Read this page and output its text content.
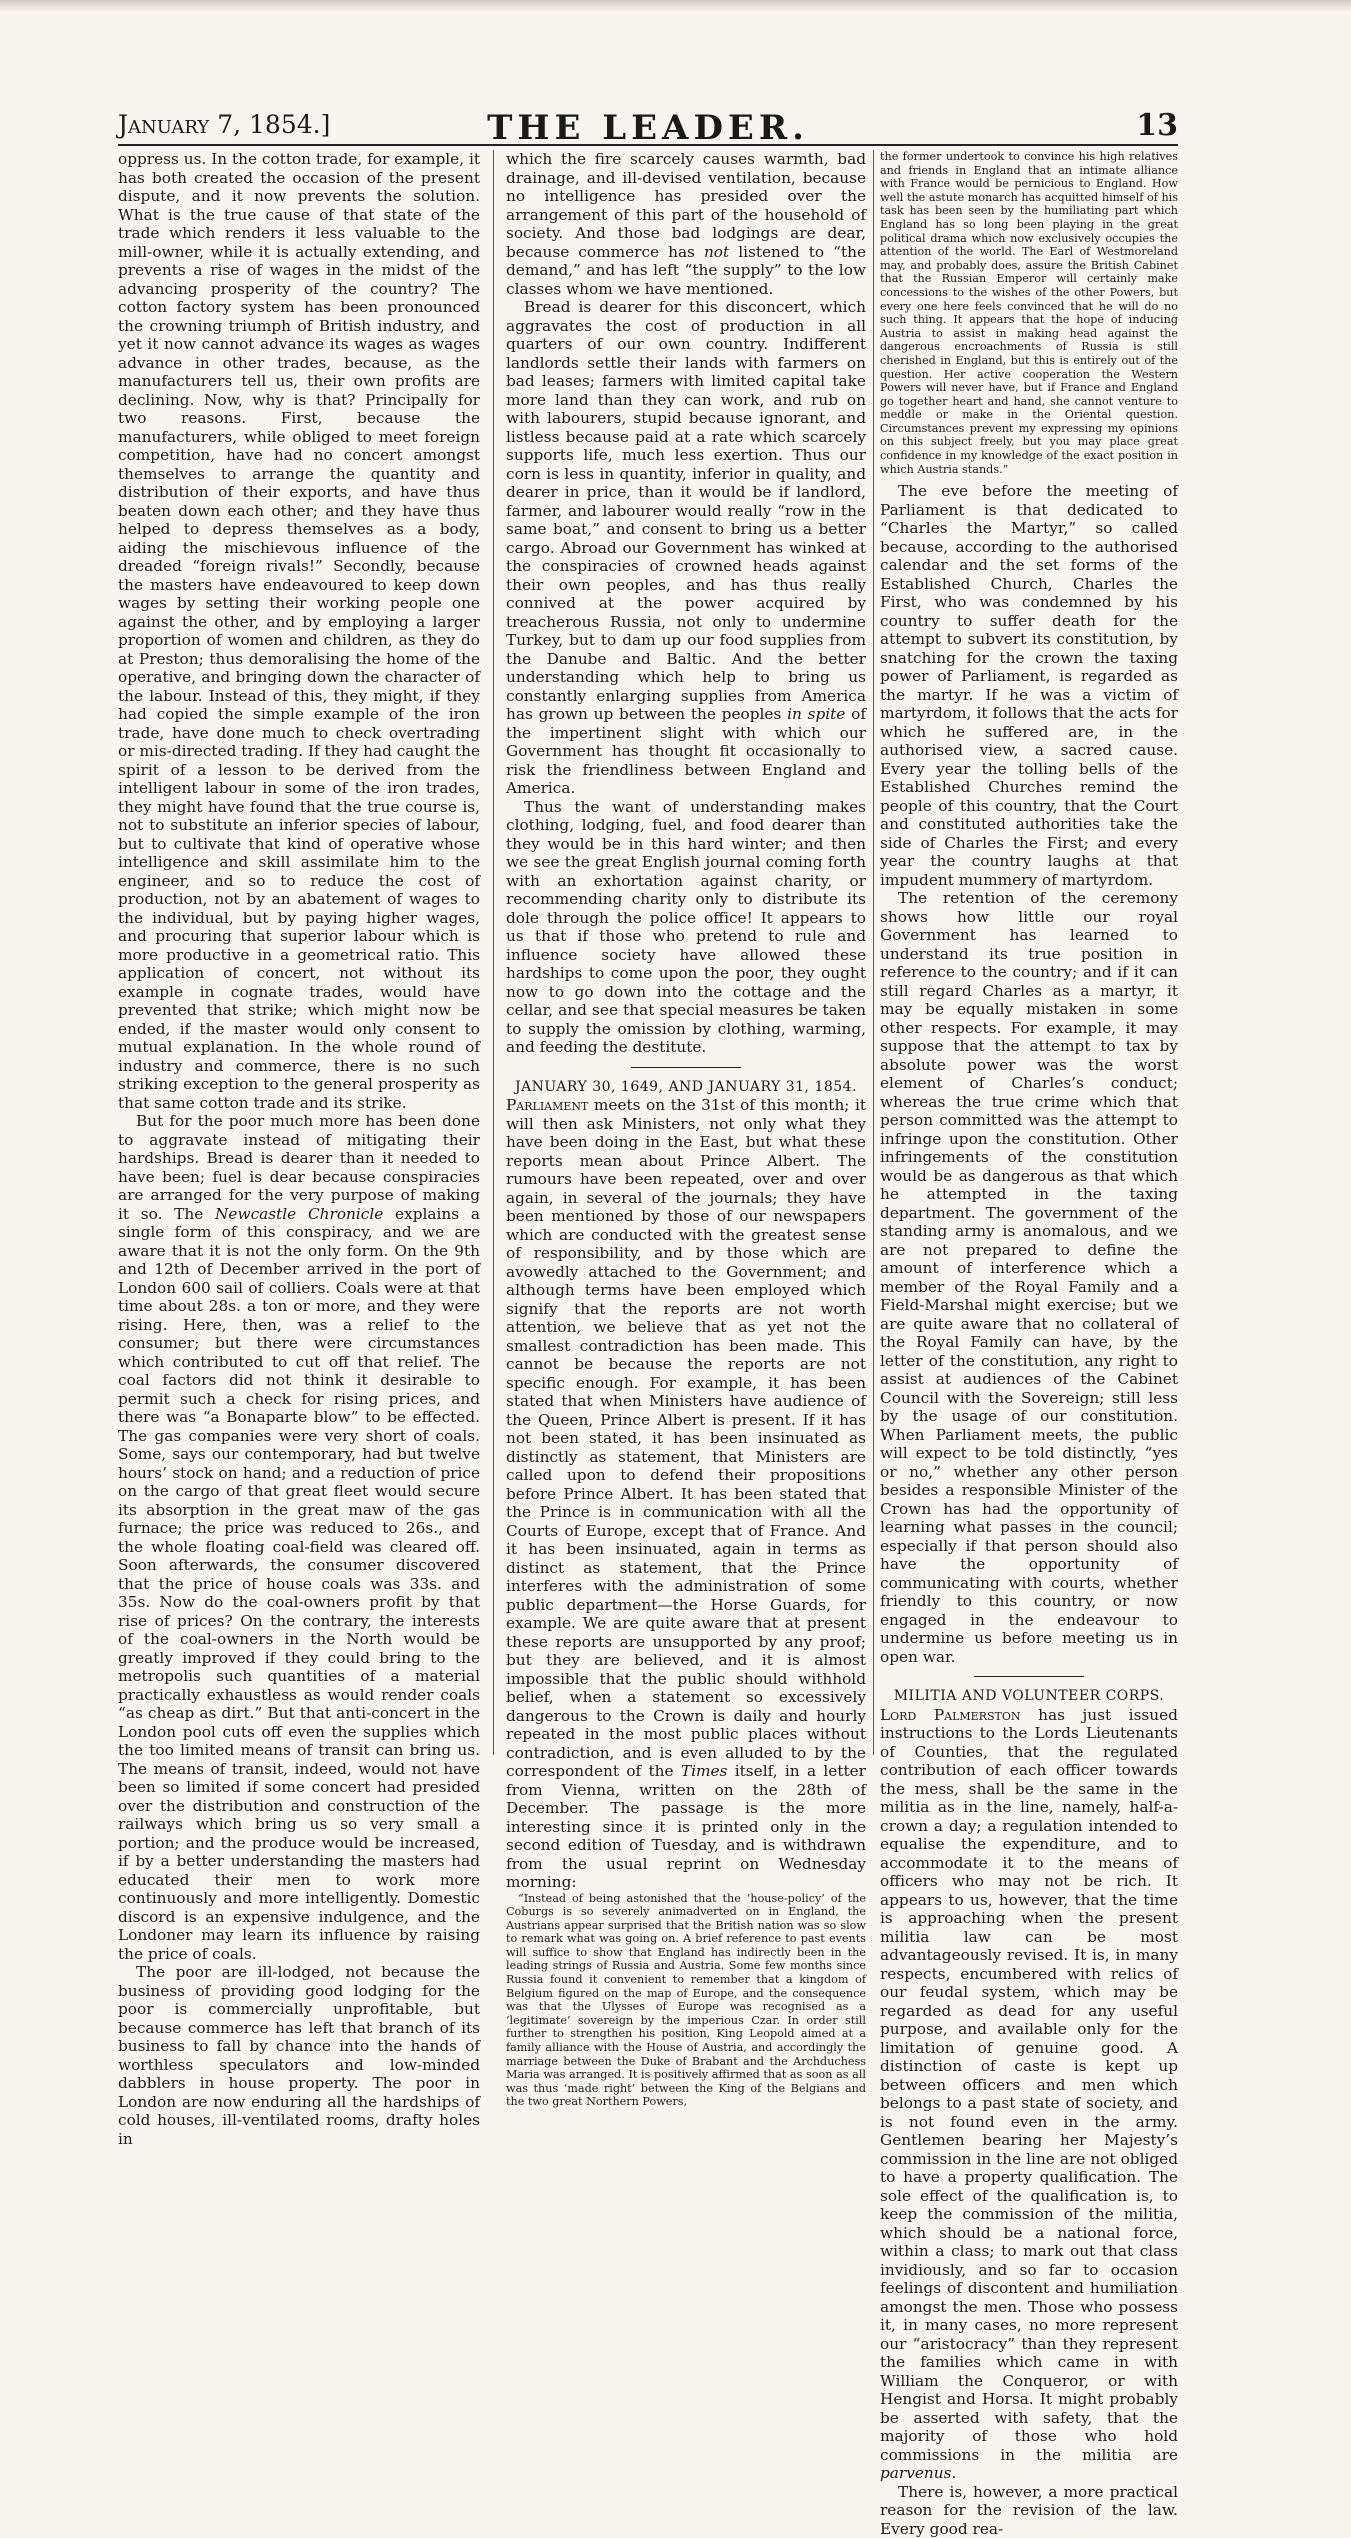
January 7, 1854.]	THE LEADER.	13

oppress us. In the cotton trade, for example, it has both created the occasion of the present dispute, and it now prevents the solution. What is the true cause of that state of the trade which renders it less valuable to the mill-owner, while it is actually extending, and prevents a rise of wages in the midst of the advancing prosperity of the country? The cotton factory system has been pronounced the crowning triumph of British industry, and yet it now cannot advance its wages as wages advance in other trades, because, as the manufacturers tell us, their own profits are declining. Now, why is that? Principally for two reasons. First, because the manufacturers, while obliged to meet foreign competition, have had no concert amongst themselves to arrange the quantity and distribution of their exports, and have thus beaten down each other; and they have thus helped to depress themselves as a body, aiding the mischievous influence of the dreaded “foreign rivals!” Secondly, because the masters have endeavoured to keep down wages by setting their working people one against the other, and by employing a larger proportion of women and children, as they do at Preston; thus demoralising the home of the operative, and bringing down the character of the labour. Instead of this, they might, if they had copied the simple example of the iron trade, have done much to check overtrading or mis-directed trading. If they had caught the spirit of a lesson to be derived from the intelligent labour in some of the iron trades, they might have found that the true course is, not to substitute an inferior species of labour, but to cultivate that kind of operative whose intelligence and skill assimilate him to the engineer, and so to reduce the cost of production, not by an abatement of wages to the individual, but by paying higher wages, and procuring that superior labour which is more productive in a geometrical ratio. This application of concert, not without its example in cognate trades, would have prevented that strike; which might now be ended, if the master would only consent to mutual explanation. In the whole round of industry and commerce, there is no such striking exception to the general prosperity as that same cotton trade and its strike.

But for the poor much more has been done to aggravate instead of mitigating their hardships. Bread is dearer than it needed to have been; fuel is dear because conspiracies are arranged for the very purpose of making it so. The Newcastle Chronicle explains a single form of this conspiracy, and we are aware that it is not the only form. On the 9th and 12th of December arrived in the port of London 600 sail of colliers. Coals were at that time about 28s. a ton or more, and they were rising. Here, then, was a relief to the consumer; but there were circumstances which contributed to cut off that relief. The coal factors did not think it desirable to permit such a check for rising prices, and there was “a Bonaparte blow” to be effected. The gas companies were very short of coals. Some, says our contemporary, had but twelve hours’ stock on hand; and a reduction of price on the cargo of that great fleet would secure its absorption in the great maw of the gas furnace; the price was reduced to 26s., and the whole floating coal-field was cleared off. Soon afterwards, the consumer discovered that the price of house coals was 33s. and 35s. Now do the coal-owners profit by that rise of prices? On the contrary, the interests of the coal-owners in the North would be greatly improved if they could bring to the metropolis such quantities of a material practically exhaustless as would render coals “as cheap as dirt.” But that anti-concert in the London pool cuts off even the supplies which the too limited means of transit can bring us. The means of transit, indeed, would not have been so limited if some concert had presided over the distribution and construction of the railways which bring us so very small a portion; and the produce would be increased, if by a better understanding the masters had educated their men to work more continuously and more intelligently. Domestic discord is an expensive indulgence, and the Londoner may learn its influence by raising the price of coals.

The poor are ill-lodged, not because the business of providing good lodging for the poor is commercially unprofitable, but because commerce has left that branch of its business to fall by chance into the hands of worthless speculators and low-minded dabblers in house property. The poor in London are now enduring all the hardships of cold houses, ill-ventilated rooms, drafty holes in

which the fire scarcely causes warmth, bad drainage, and ill-devised ventilation, because no intelligence has presided over the arrangement of this part of the household of society. And those bad lodgings are dear, because commerce has not listened to “the demand,” and has left “the supply” to the low classes whom we have mentioned.

Bread is dearer for this disconcert, which aggravates the cost of production in all quarters of our own country. Indifferent landlords settle their lands with farmers on bad leases; farmers with limited capital take more land than they can work, and rub on with labourers, stupid because ignorant, and listless because paid at a rate which scarcely supports life, much less exertion. Thus our corn is less in quantity, inferior in quality, and dearer in price, than it would be if landlord, farmer, and labourer would really “row in the same boat,” and consent to bring us a better cargo. Abroad our Government has winked at the conspiracies of crowned heads against their own peoples, and has thus really connived at the power acquired by treacherous Russia, not only to undermine Turkey, but to dam up our food supplies from the Danube and Baltic. And the better understanding which help to bring us constantly enlarging supplies from America has grown up between the peoples in spite of the impertinent slight with which our Government has thought fit occasionally to risk the friendliness between England and America.

Thus the want of understanding makes clothing, lodging, fuel, and food dearer than they would be in this hard winter; and then we see the great English journal coming forth with an exhortation against charity, or recommending charity only to distribute its dole through the police office! It appears to us that if those who pretend to rule and influence society have allowed these hardships to come upon the poor, they ought now to go down into the cottage and the cellar, and see that special measures be taken to supply the omission by clothing, warming, and feeding the destitute.

JANUARY 30, 1649, AND JANUARY 31, 1854.

Parliament meets on the 31st of this month; it will then ask Ministers, not only what they have been doing in the East, but what these reports mean about Prince Albert. The rumours have been repeated, over and over again, in several of the journals; they have been mentioned by those of our newspapers which are conducted with the greatest sense of responsibility, and by those which are avowedly attached to the Government; and although terms have been employed which signify that the reports are not worth attention, we believe that as yet not the smallest contradiction has been made. This cannot be because the reports are not specific enough. For example, it has been stated that when Ministers have audience of the Queen, Prince Albert is present. If it has not been stated, it has been insinuated as distinctly as statement, that Ministers are called upon to defend their propositions before Prince Albert. It has been stated that the Prince is in communication with all the Courts of Europe, except that of France. And it has been insinuated, again in terms as distinct as statement, that the Prince interferes with the administration of some public department—the Horse Guards, for example. We are quite aware that at present these reports are unsupported by any proof; but they are believed, and it is almost impossible that the public should withhold belief, when a statement so excessively dangerous to the Crown is daily and hourly repeated in the most public places without contradiction, and is even alluded to by the correspondent of the Times itself, in a letter from Vienna, written on the 28th of December. The passage is the more interesting since it is printed only in the second edition of Tuesday, and is withdrawn from the usual reprint on Wednesday morning:

“Instead of being astonished that the ‘house-policy’ of the Coburgs is so severely animadverted on in England, the Austrians appear surprised that the British nation was so slow to remark what was going on. A brief reference to past events will suffice to show that England has indirectly been in the leading strings of Russia and Austria. Some few months since Russia found it convenient to remember that a kingdom of Belgium figured on the map of Europe, and the consequence was that the Ulysses of Europe was recognised as a ‘legitimate’ sovereign by the imperious Czar. In order still further to strengthen his position, King Leopold aimed at a family alliance with the House of Austria, and accordingly the marriage between the Duke of Brabant and the Archduchess Maria was arranged. It is positively affirmed that as soon as all was thus ‘made right’ between the King of the Belgians and the two great Northern Powers,

the former undertook to convince his high relatives and friends in England that an intimate alliance with France would be pernicious to England. How well the astute monarch has acquitted himself of his task has been seen by the humiliating part which England has so long been playing in the great political drama which now exclusively occupies the attention of the world. The Earl of Westmoreland may, and probably does, assure the British Cabinet that the Russian Emperor will certainly make concessions to the wishes of the other Powers, but every one here feels convinced that he will do no such thing. It appears that the hope of inducing Austria to assist in making head against the dangerous encroachments of Russia is still cherished in England, but this is entirely out of the question. Her active cooperation the Western Powers will never have, but if France and England go together heart and hand, she cannot venture to meddle or make in the Oriental question. Circumstances prevent my expressing my opinions on this subject freely, but you may place great confidence in my knowledge of the exact position in which Austria stands.”

The eve before the meeting of Parliament is that dedicated to “Charles the Martyr,” so called because, according to the authorised calendar and the set forms of the Established Church, Charles the First, who was condemned by his country to suffer death for the attempt to subvert its constitution, by snatching for the crown the taxing power of Parliament, is regarded as the martyr. If he was a victim of martyrdom, it follows that the acts for which he suffered are, in the authorised view, a sacred cause. Every year the tolling bells of the Established Churches remind the people of this country, that the Court and constituted authorities take the side of Charles the First; and every year the country laughs at that impudent mummery of martyrdom.

The retention of the ceremony shows how little our royal Government has learned to understand its true position in reference to the country; and if it can still regard Charles as a martyr, it may be equally mistaken in some other respects. For example, it may suppose that the attempt to tax by absolute power was the worst element of Charles’s conduct; whereas the true crime which that person committed was the attempt to infringe upon the constitution. Other infringements of the constitution would be as dangerous as that which he attempted in the taxing department. The government of the standing army is anomalous, and we are not prepared to define the amount of interference which a member of the Royal Family and a Field-Marshal might exercise; but we are quite aware that no collateral of the Royal Family can have, by the letter of the constitution, any right to assist at audiences of the Cabinet Council with the Sovereign; still less by the usage of our constitution. When Parliament meets, the public will expect to be told distinctly, “yes or no,” whether any other person besides a responsible Minister of the Crown has had the opportunity of learning what passes in the council; especially if that person should also have the opportunity of communicating with courts, whether friendly to this country, or now engaged in the endeavour to undermine us before meeting us in open war.

MILITIA AND VOLUNTEER CORPS.

Lord Palmerston has just issued instructions to the Lords Lieutenants of Counties, that the regulated contribution of each officer towards the mess, shall be the same in the militia as in the line, namely, half-a-crown a day; a regulation intended to equalise the expenditure, and to accommodate it to the means of officers who may not be rich. It appears to us, however, that the time is approaching when the present militia law can be most advantageously revised. It is, in many respects, encumbered with relics of our feudal system, which may be regarded as dead for any useful purpose, and available only for the limitation of genuine good. A distinction of caste is kept up between officers and men which belongs to a past state of society, and is not found even in the army. Gentlemen bearing her Majesty’s commission in the line are not obliged to have a property qualification. The sole effect of the qualification is, to keep the commission of the militia, which should be a national force, within a class; to mark out that class invidiously, and so far to occasion feelings of discontent and humiliation amongst the men. Those who possess it, in many cases, no more represent our “aristocracy” than they represent the families which came in with William the Conqueror, or with Hengist and Horsa. It might probably be asserted with safety, that the majority of those who hold commissions in the militia are parvenus.

There is, however, a more practical reason for the revision of the law. Every good rea-
